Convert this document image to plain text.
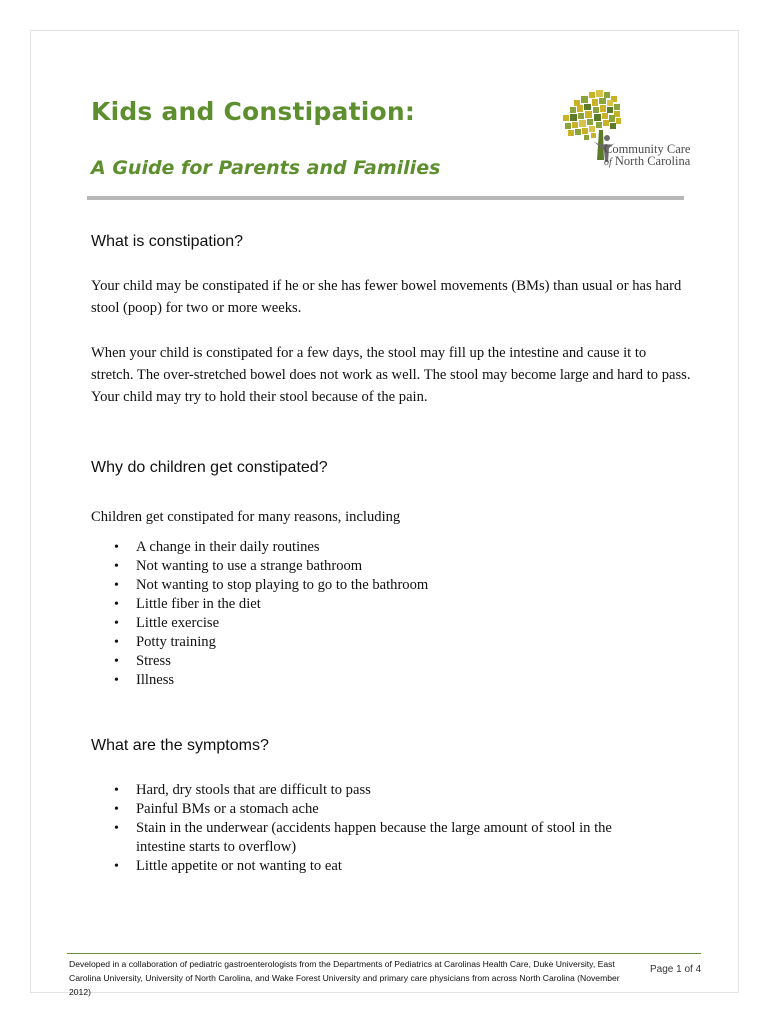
Kids and Constipation:
A Guide for Parents and Families

Community Care
of North Carolina

What is constipation?

Your child may be constipated if he or she has fewer bowel movements (BMs) than usual or has hard stool (poop) for two or more weeks.

When your child is constipated for a few days, the stool may fill up the intestine and cause it to stretch. The over-stretched bowel does not work as well. The stool may become large and hard to pass. Your child may try to hold their stool because of the pain.

Why do children get constipated?

Children get constipated for many reasons, including

• A change in their daily routines
• Not wanting to use a strange bathroom
• Not wanting to stop playing to go to the bathroom
• Little fiber in the diet
• Little exercise
• Potty training
• Stress
• Illness
What are the symptoms?
• Hard, dry stools that are difficult to pass
• Painful BMs or a stomach ache
• Stain in the underwear (accidents happen because the large amount of stool in the intestine starts to overflow)
• Little appetite or not wanting to eat

Developed in a collaboration of pediatric gastroenterologists from the Departments of Pediatrics at Carolinas Health Care, Duke University, East Carolina University, University of North Carolina, and Wake Forest University and primary care physicians from across North Carolina (November 2012)

Page 1 of 4
